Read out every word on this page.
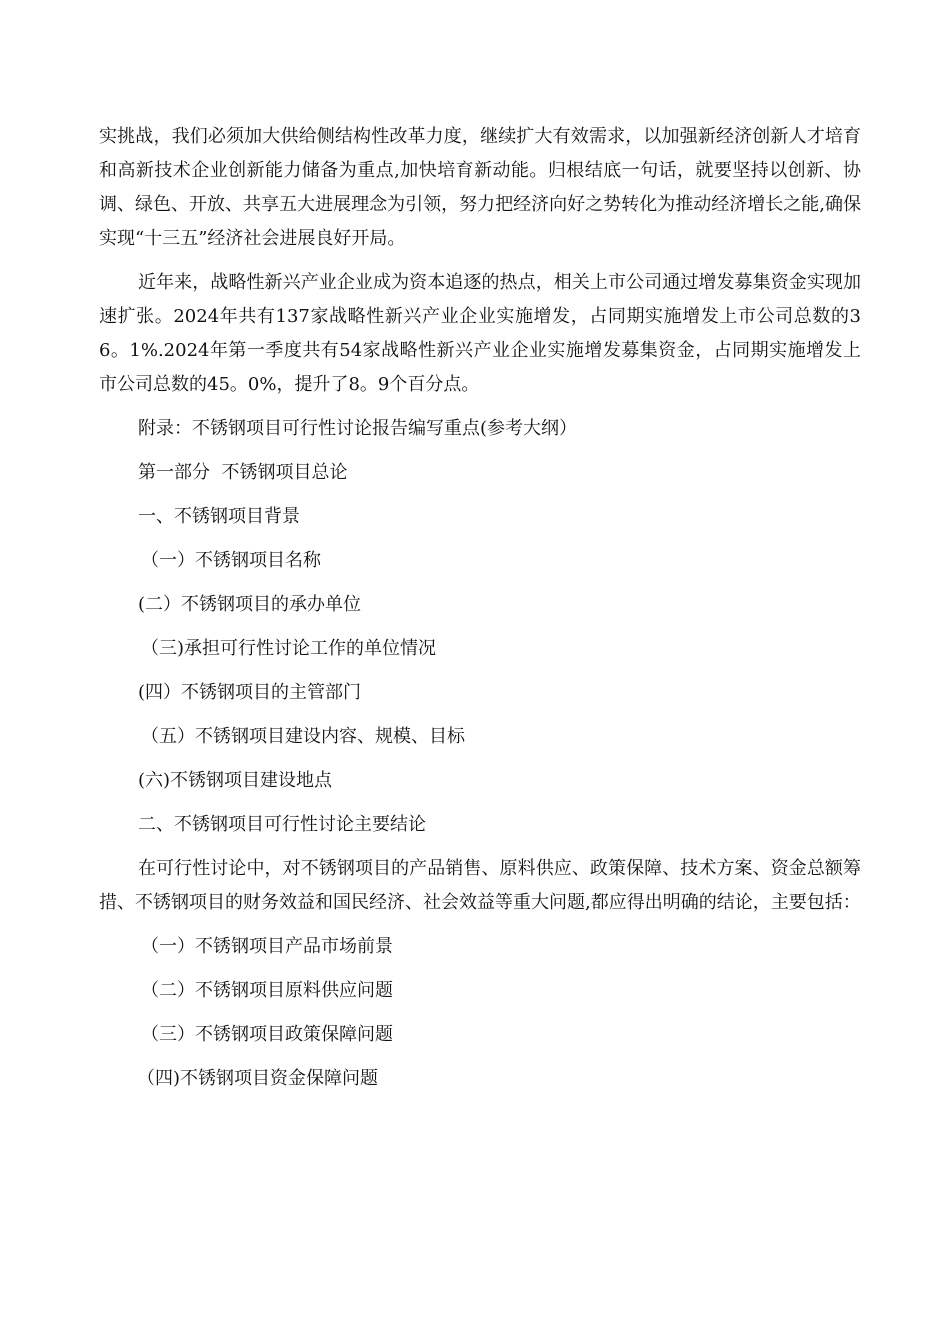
实挑战，我们必须加大供给侧结构性改革力度，继续扩大有效需求，以加强新经济创新人才培育和高新技术企业创新能力储备为重点,加快培育新动能。归根结底一句话，就要坚持以创新、协调、绿色、开放、共享五大进展理念为引领，努力把经济向好之势转化为推动经济增长之能,确保实现“十三五”经济社会进展良好开局。

近年来，战略性新兴产业企业成为资本追逐的热点，相关上市公司通过增发募集资金实现加速扩张。2024年共有137家战略性新兴产业企业实施增发，占同期实施增发上市公司总数的36。1%.2024年第一季度共有54家战略性新兴产业企业实施增发募集资金，占同期实施增发上市公司总数的45。0%，提升了8。9个百分点。

附录：不锈钢项目可行性讨论报告编写重点(参考大纲）
第一部分  不锈钢项目总论
一、不锈钢项目背景
（一）不锈钢项目名称
(二）不锈钢项目的承办单位
（三)承担可行性讨论工作的单位情况
(四）不锈钢项目的主管部门
（五）不锈钢项目建设内容、规模、目标
(六)不锈钢项目建设地点
二、不锈钢项目可行性讨论主要结论

在可行性讨论中，对不锈钢项目的产品销售、原料供应、政策保障、技术方案、资金总额筹措、不锈钢项目的财务效益和国民经济、社会效益等重大问题,都应得出明确的结论，主要包括：

（一）不锈钢项目产品市场前景
（二）不锈钢项目原料供应问题
（三）不锈钢项目政策保障问题
（四)不锈钢项目资金保障问题
